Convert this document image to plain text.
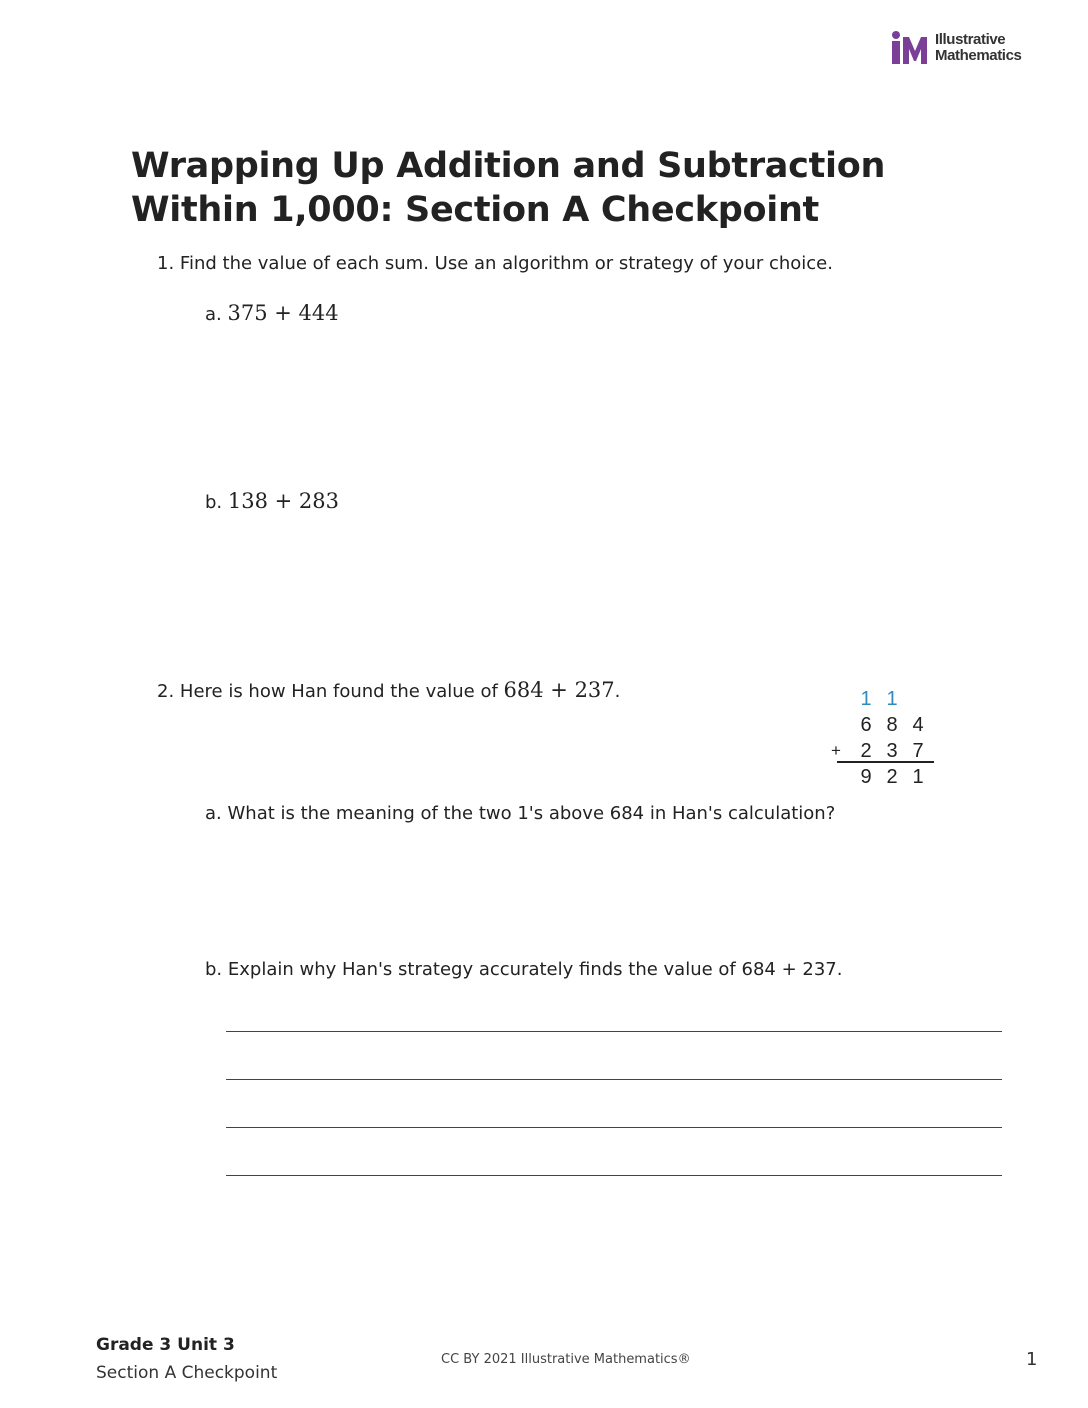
Illustrative
Mathematics
Wrapping Up Addition and Subtraction Within 1,000: Section A Checkpoint
1. Find the value of each sum. Use an algorithm or strategy of your choice.
a. 375 + 444
b. 138 + 283
2. Here is how Han found the value of 684 + 237.	1 1
6 8 4
+ 2 3 7
9 2 1
a. What is the meaning of the two 1's above 684 in Han's calculation?
b. Explain why Han's strategy accurately finds the value of 684 + 237.
Grade 3 Unit 3
Section A Checkpoint
CC BY 2021 Illustrative Mathematics®	1
